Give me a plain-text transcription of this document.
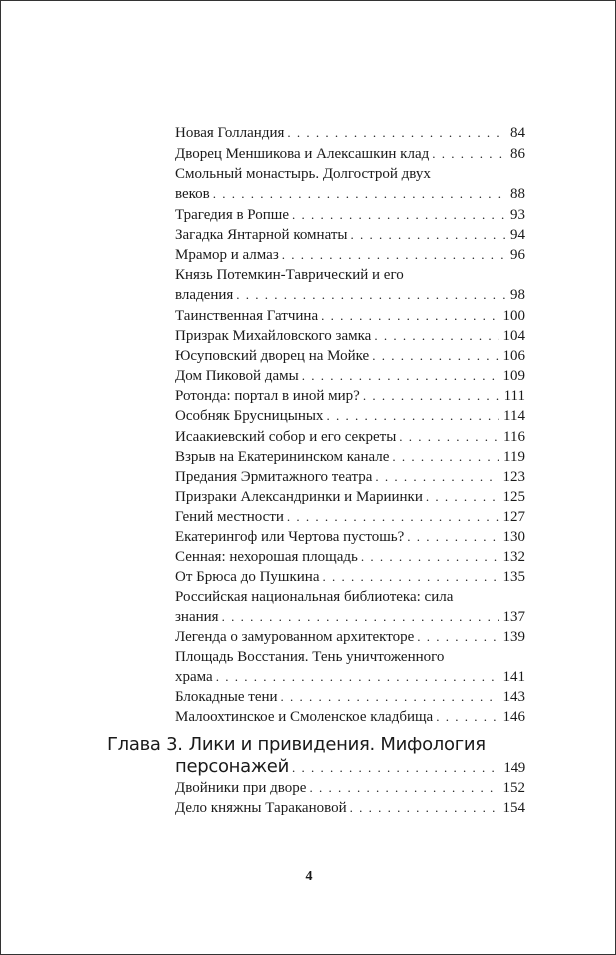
Новая Голландия . . .	84
Дворец Меншикова и Алексашкин клад . . .	86
Смольный монастырь. Долгострой двух
веков . . .	88
Трагедия в Ропше . . .	93
Загадка Янтарной комнаты . . .	94
Мрамор и алмаз . . .	96
Князь Потемкин-Таврический и его
владения . . .	98
Таинственная Гатчина . . .	100
Призрак Михайловского замка . . .	104
Юсуповский дворец на Мойке . . .	106
Дом Пиковой дамы . . .	109
Ротонда: портал в иной мир? . . .	111
Особняк Брусницыных . . .	114
Исаакиевский собор и его секреты . . .	116
Взрыв на Екатерининском канале . . .	119
Предания Эрмитажного театра . . .	123
Призраки Александринки и Мариинки . . .	125
Гений местности . . .	127
Екатерингоф или Чертова пустошь? . . .	130
Сенная: нехорошая площадь . . .	132
От Брюса до Пушкина . . .	135
Российская национальная библиотека: сила
знания . . .	137
Легенда о замурованном архитекторе . . .	139
Площадь Восстания. Тень уничтоженного
храма . . .	141
Блокадные тени . . .	143
Малоохтинское и Смоленское кладбища . . .	146
Глава 3. Лики и привидения. Мифология
персонажей . . .	149
Двойники при дворе . . .	152
Дело княжны Таракановой . . .	154
4
